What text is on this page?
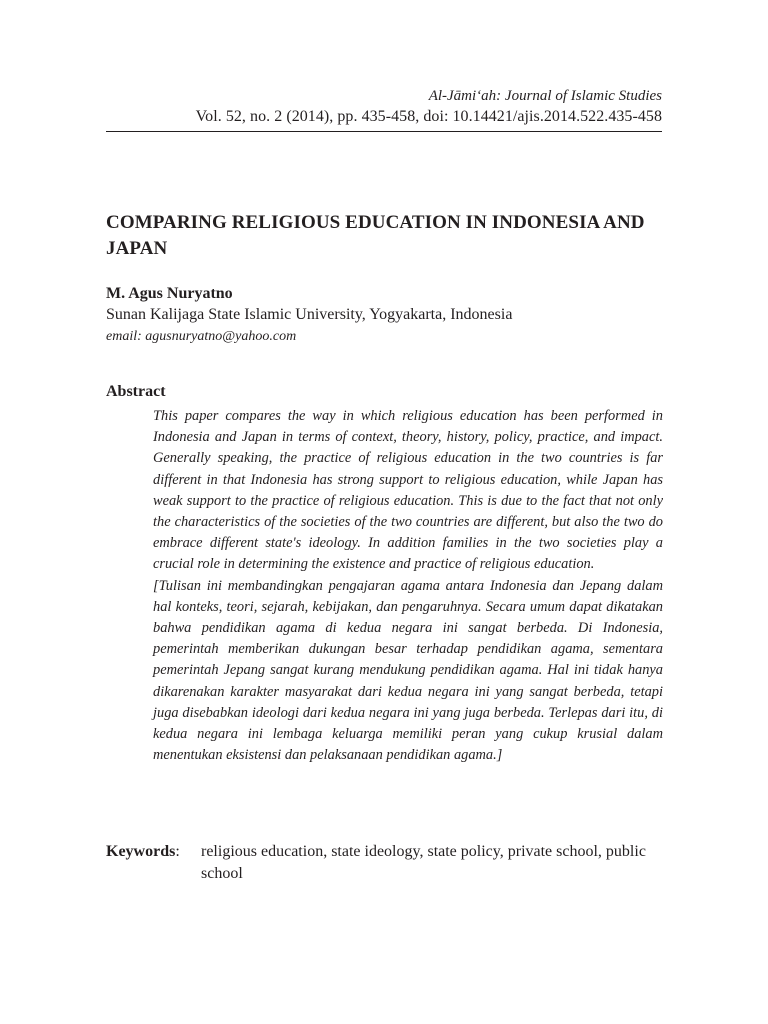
Al-Jāmi‘ah: Journal of Islamic Studies
Vol. 52, no. 2 (2014), pp. 435-458, doi: 10.14421/ajis.2014.522.435-458
COMPARING RELIGIOUS EDUCATION IN INDONESIA AND JAPAN
M. Agus Nuryatno
Sunan Kalijaga State Islamic University, Yogyakarta, Indonesia
email: agusnuryatno@yahoo.com
Abstract

This paper compares the way in which religious education has been performed in Indonesia and Japan in terms of context, theory, history, policy, practice, and impact. Generally speaking, the practice of religious education in the two countries is far different in that Indonesia has strong support to religious education, while Japan has weak support to the practice of religious education. This is due to the fact that not only the characteristics of the societies of the two countries are different, but also the two do embrace different state's ideology. In addition families in the two societies play a crucial role in determining the existence and practice of religious education.

[Tulisan ini membandingkan pengajaran agama antara Indonesia dan Jepang dalam hal konteks, teori, sejarah, kebijakan, dan pengaruhnya. Secara umum dapat dikatakan bahwa pendidikan agama di kedua negara ini sangat berbeda. Di Indonesia, pemerintah memberikan dukungan besar terhadap pendidikan agama, sementara pemerintah Jepang sangat kurang mendukung pendidikan agama. Hal ini tidak hanya dikarenakan karakter masyarakat dari kedua negara ini yang sangat berbeda, tetapi juga disebabkan ideologi dari kedua negara ini yang juga berbeda. Terlepas dari itu, di kedua negara ini lembaga keluarga memiliki peran yang cukup krusial dalam menentukan eksistensi dan pelaksanaan pendidikan agama.]

Keywords: religious education, state ideology, state policy, private school, public school
